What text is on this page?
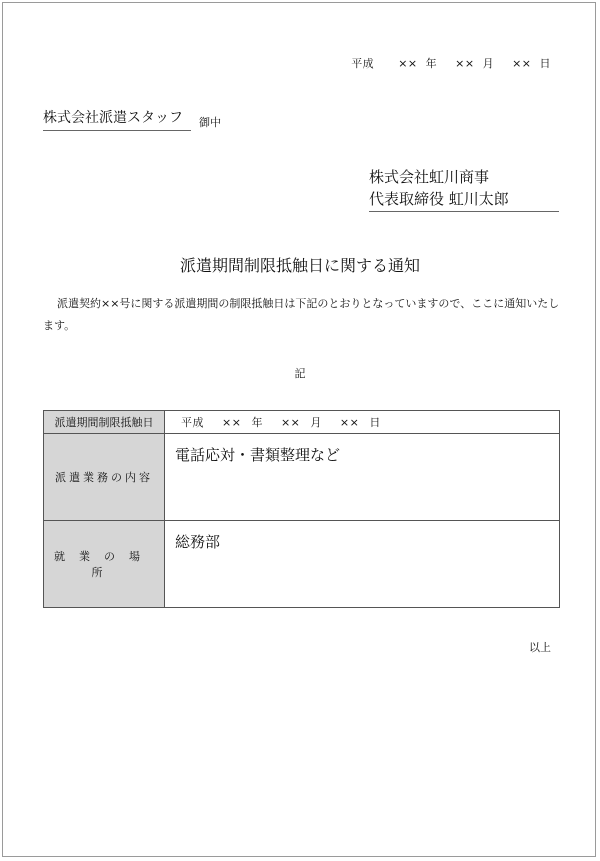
平成 ×× 年 ×× 月 ×× 日
株式会社派遣スタッフ 御中
株式会社虹川商事
代表取締役 虹川太郎
派遣期間制限抵触日に関する通知
派遣契約××号に関する派遣期間の制限抵触日は下記のとおりとなっていますので、ここに通知いたします。
記
派遣期間制限抵触日	平成 ×× 年 ×× 月 ×× 日

派遣業務の内容	電話応対・書類整理など

就業の場所	総務部
以上
